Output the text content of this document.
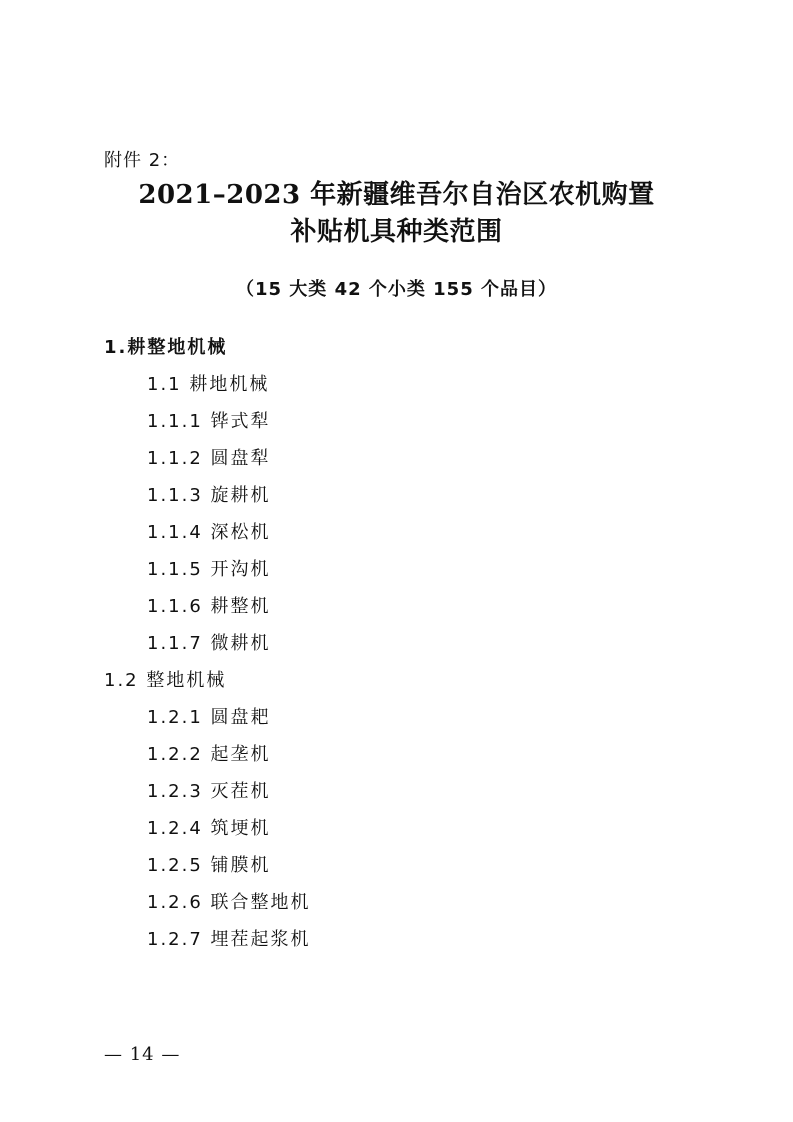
附件 2：
2021–2023 年新疆维吾尔自治区农机购置
补贴机具种类范围
（15 大类 42 个小类 155 个品目）
1.耕整地机械
1.1 耕地机械
1.1.1 铧式犁
1.1.2 圆盘犁
1.1.3 旋耕机
1.1.4 深松机
1.1.5 开沟机
1.1.6 耕整机
1.1.7 微耕机
1.2 整地机械
1.2.1 圆盘耙
1.2.2 起垄机
1.2.3 灭茬机
1.2.4 筑埂机
1.2.5 铺膜机
1.2.6 联合整地机
1.2.7 埋茬起浆机
— 14 —
